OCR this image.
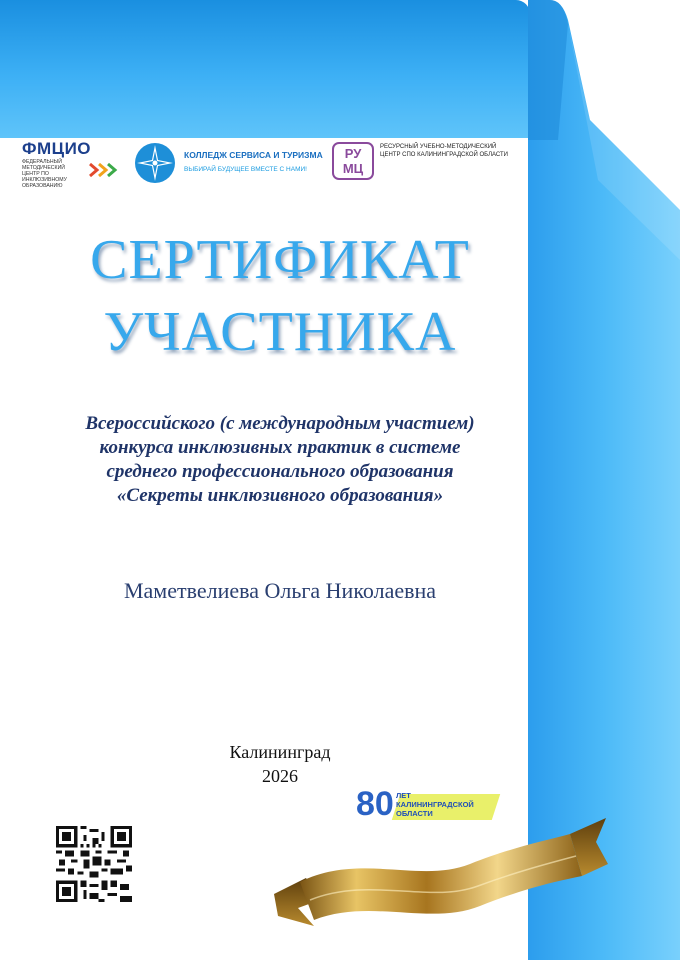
ФМЦИО
ФЕДЕРАЛЬНЫЙ МЕТОДИЧЕСКИЙ ЦЕНТР ПО ИНКЛЮЗИВНОМУ ОБРАЗОВАНИЮ
КОЛЛЕДЖ СЕРВИСА И ТУРИЗМА
ВЫБИРАЙ БУДУЩЕЕ ВМЕСТЕ С НАМИ!
РУ
МЦ
РЕСУРСНЫЙ УЧЕБНО-МЕТОДИЧЕСКИЙ ЦЕНТР СПО КАЛИНИНГРАДСКОЙ ОБЛАСТИ
СЕРТИФИКАТ
УЧАСТНИКА
Всероссийского (с международным участием)
конкурса инклюзивных практик в системе
среднего профессионального образования
«Секреты инклюзивного образования»
Маметвелиева Ольга Николаевна
Калининград
2026
80 ЛЕТ
КАЛИНИНГРАДСКОЙ
ОБЛАСТИ
